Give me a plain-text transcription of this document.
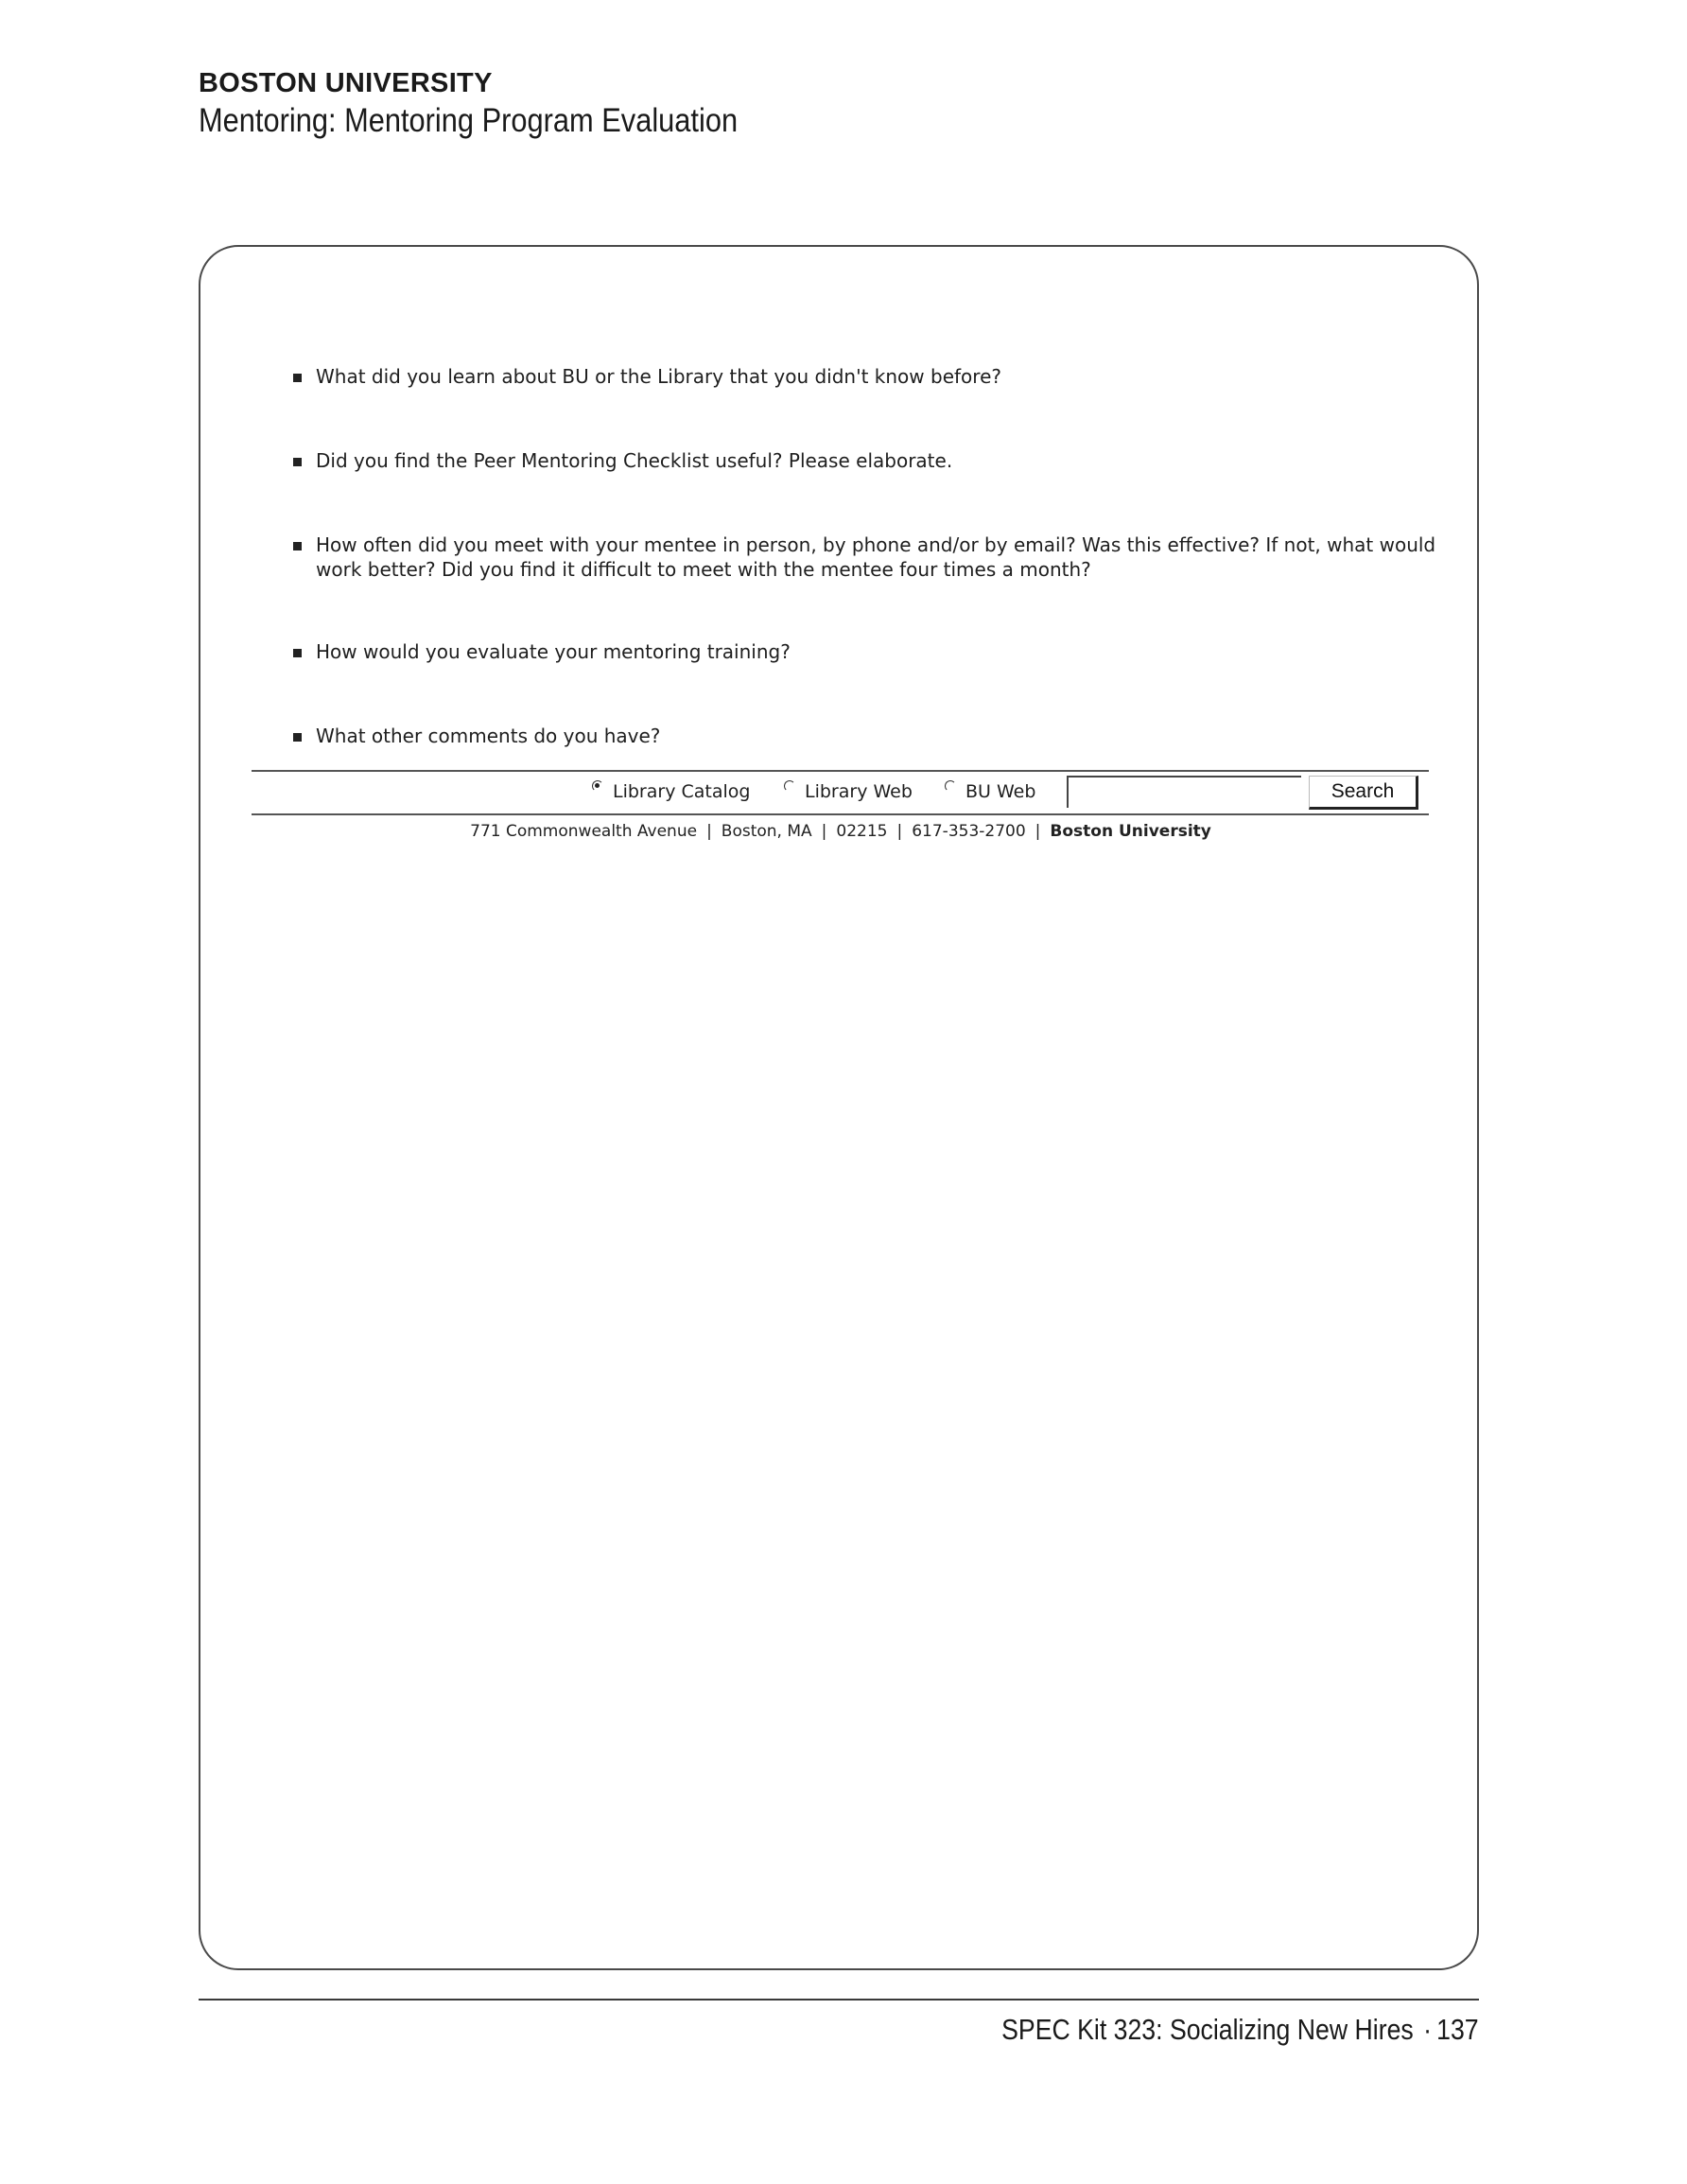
BOSTON UNIVERSITY
Mentoring: Mentoring Program Evaluation
What did you learn about BU or the Library that you didn't know before?
Did you find the Peer Mentoring Checklist useful? Please elaborate.
How often did you meet with your mentee in person, by phone and/or by email? Was this effective? If not, what would work better? Did you find it difficult to meet with the mentee four times a month?
How would you evaluate your mentoring training?
What other comments do you have?
Library Catalog	Library Web	BU Web	Search
771 Commonwealth Avenue | Boston, MA | 02215 | 617-353-2700 | Boston University
SPEC Kit 323: Socializing New Hires · 137
